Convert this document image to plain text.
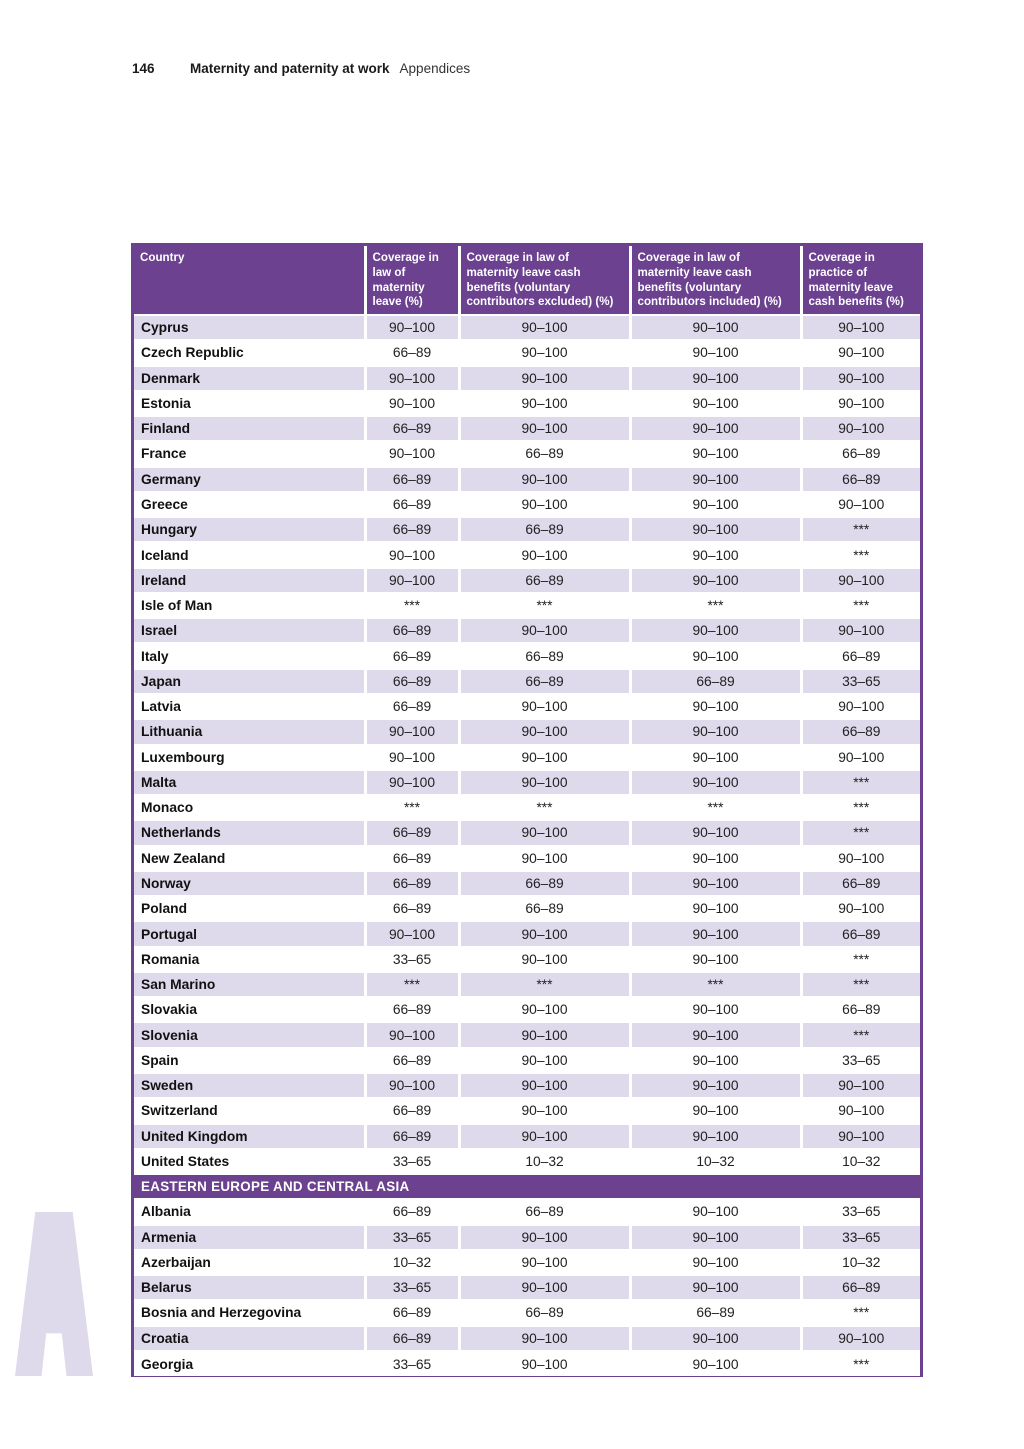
146	Maternity and paternity at work Appendices
Country	Coverage in law of maternity leave (%)	Coverage in law of maternity leave cash benefits (voluntary contributors excluded) (%)	Coverage in law of maternity leave cash benefits (voluntary contributors included) (%)	Coverage in practice of maternity leave cash benefits (%)
Cyprus	90–100	90–100	90–100	90–100
Czech Republic	66–89	90–100	90–100	90–100
Denmark	90–100	90–100	90–100	90–100
Estonia	90–100	90–100	90–100	90–100
Finland	66–89	90–100	90–100	90–100
France	90–100	66–89	90–100	66–89
Germany	66–89	90–100	90–100	66–89
Greece	66–89	90–100	90–100	90–100
Hungary	66–89	66–89	90–100	***
Iceland	90–100	90–100	90–100	***
Ireland	90–100	66–89	90–100	90–100
Isle of Man	***	***	***	***
Israel	66–89	90–100	90–100	90–100
Italy	66–89	66–89	90–100	66–89
Japan	66–89	66–89	66–89	33–65
Latvia	66–89	90–100	90–100	90–100
Lithuania	90–100	90–100	90–100	66–89
Luxembourg	90–100	90–100	90–100	90–100
Malta	90–100	90–100	90–100	***
Monaco	***	***	***	***
Netherlands	66–89	90–100	90–100	***
New Zealand	66–89	90–100	90–100	90–100
Norway	66–89	66–89	90–100	66–89
Poland	66–89	66–89	90–100	90–100
Portugal	90–100	90–100	90–100	66–89
Romania	33–65	90–100	90–100	***
San Marino	***	***	***	***
Slovakia	66–89	90–100	90–100	66–89
Slovenia	90–100	90–100	90–100	***
Spain	66–89	90–100	90–100	33–65
Sweden	90–100	90–100	90–100	90–100
Switzerland	66–89	90–100	90–100	90–100
United Kingdom	66–89	90–100	90–100	90–100
United States	33–65	10–32	10–32	10–32
EASTERN EUROPE AND CENTRAL ASIA				
Albania	66–89	66–89	90–100	33–65
Armenia	33–65	90–100	90–100	33–65
Azerbaijan	10–32	90–100	90–100	10–32
Belarus	33–65	90–100	90–100	66–89
Bosnia and Herzegovina	66–89	66–89	66–89	***
Croatia	66–89	90–100	90–100	90–100
Georgia	33–65	90–100	90–100	***
